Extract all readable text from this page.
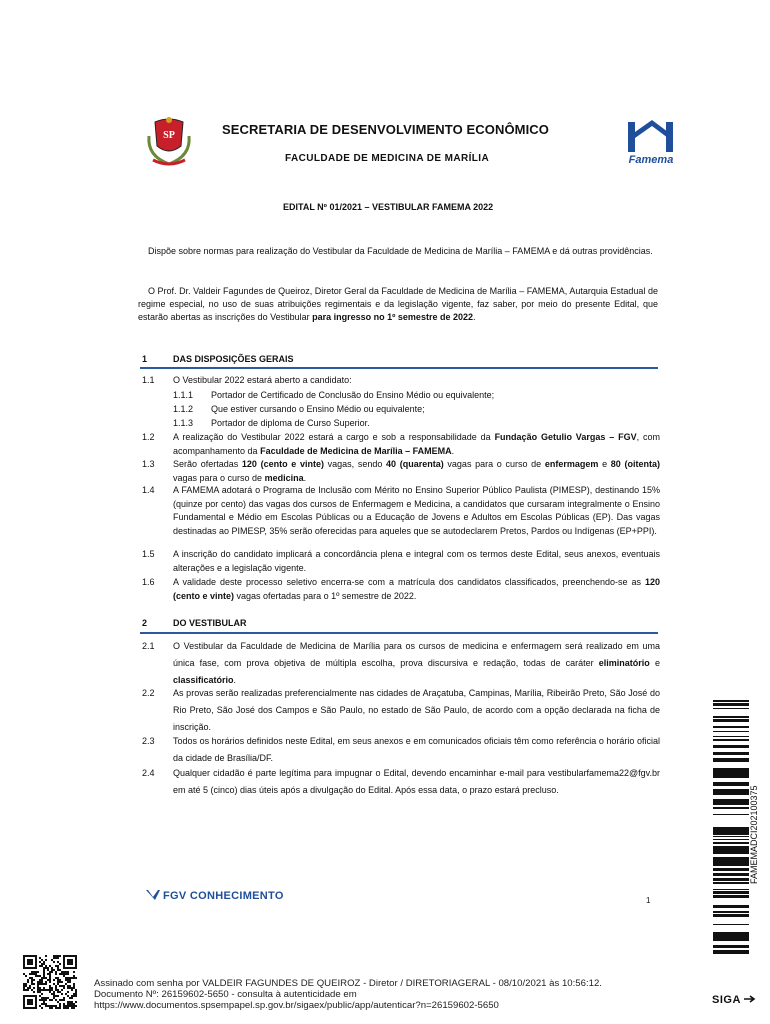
SP	SECRETARIA DE DESENVOLVIMENTO ECONÔMICO
FACULDADE DE MEDICINA DE MARÍLIA	Famema
EDITAL Nº 01/2021 – VESTIBULAR FAMEMA 2022
Dispõe sobre normas para realização do Vestibular da Faculdade de Medicina de Marília – FAMEMA e dá outras providências.
O Prof. Dr. Valdeir Fagundes de Queiroz, Diretor Geral da Faculdade de Medicina de Marília – FAMEMA, Autarquia Estadual de regime especial, no uso de suas atribuições regimentais e da legislação vigente, faz saber, por meio do presente Edital, que estarão abertas as inscrições do Vestibular para ingresso no 1º semestre de 2022.
1	DAS DISPOSIÇÕES GERAIS
1.1 O Vestibular 2022 estará aberto a candidato:
1.1.1 Portador de Certificado de Conclusão do Ensino Médio ou equivalente;
1.1.2 Que estiver cursando o Ensino Médio ou equivalente;
1.1.3 Portador de diploma de Curso Superior.
1.2 A realização do Vestibular 2022 estará a cargo e sob a responsabilidade da Fundação Getulio Vargas – FGV, com acompanhamento da Faculdade de Medicina de Marília – FAMEMA.
1.3 Serão ofertadas 120 (cento e vinte) vagas, sendo 40 (quarenta) vagas para o curso de enfermagem e 80 (oitenta) vagas para o curso de medicina.
1.4 A FAMEMA adotará o Programa de Inclusão com Mérito no Ensino Superior Público Paulista (PIMESP), destinando 15% (quinze por cento) das vagas dos cursos de Enfermagem e Medicina, a candidatos que cursaram integralmente o Ensino Fundamental e Médio em Escolas Públicas ou a Educação de Jovens e Adultos em Escolas Públicas (EP). Das vagas destinadas ao PIMESP, 35% serão oferecidas para aqueles que se autodeclarem Pretos, Pardos ou Indígenas (EP+PPI).
1.5 A inscrição do candidato implicará a concordância plena e integral com os termos deste Edital, seus anexos, eventuais alterações e a legislação vigente.
1.6 A validade deste processo seletivo encerra-se com a matrícula dos candidatos classificados, preenchendo-se as 120 (cento e vinte) vagas ofertadas para o 1º semestre de 2022.
2	DO VESTIBULAR
2.1 O Vestibular da Faculdade de Medicina de Marília para os cursos de medicina e enfermagem será realizado em uma única fase, com prova objetiva de múltipla escolha, prova discursiva e redação, todas de caráter eliminatório e classificatório.
2.2 As provas serão realizadas preferencialmente nas cidades de Araçatuba, Campinas, Marília, Ribeirão Preto, São José do Rio Preto, São José dos Campos e São Paulo, no estado de São Paulo, de acordo com a opção declarada na ficha de inscrição.
2.3 Todos os horários definidos neste Edital, em seus anexos e em comunicados oficiais têm como referência o horário oficial da cidade de Brasília/DF.
2.4 Qualquer cidadão é parte legítima para impugnar o Edital, devendo encaminhar e-mail para vestibularfamema22@fgv.br em até 5 (cinco) dias úteis após a divulgação do Edital. Após essa data, o prazo estará precluso.
FGV CONHECIMENTO	1
FAMEMADCI202100375
Assinado com senha por VALDEIR FAGUNDES DE QUEIROZ - Diretor / DIRETORIAGERAL - 08/10/2021 às 10:56:12.
Documento Nº: 26159602-5650 - consulta à autenticidade em
https://www.documentos.spsempapel.sp.gov.br/sigaex/public/app/autenticar?n=26159602-5650	SIGA
